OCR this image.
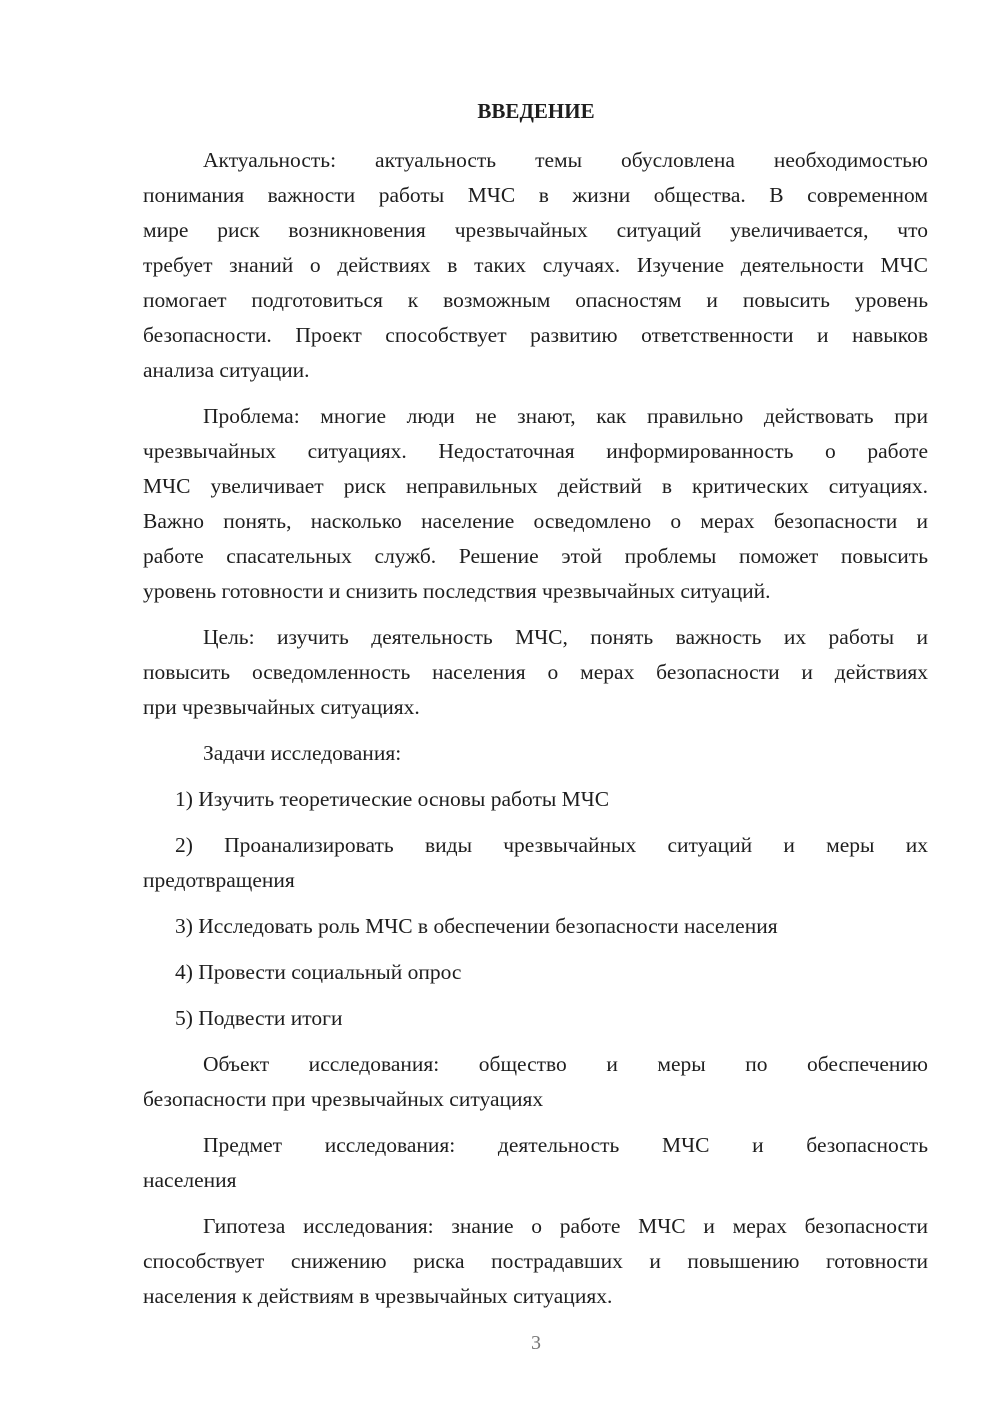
ВВЕДЕНИЕ
Актуальность: актуальность темы обусловлена необходимостью
понимания важности работы МЧС в жизни общества. В современном
мире риск возникновения чрезвычайных ситуаций увеличивается, что
требует знаний о действиях в таких случаях. Изучение деятельности МЧС
помогает подготовиться к возможным опасностям и повысить уровень
безопасности. Проект способствует развитию ответственности и навыков
анализа ситуации.
Проблема: многие люди не знают, как правильно действовать при
чрезвычайных ситуациях. Недостаточная информированность о работе
МЧС увеличивает риск неправильных действий в критических ситуациях.
Важно понять, насколько население осведомлено о мерах безопасности и
работе спасательных служб. Решение этой проблемы поможет повысить
уровень готовности и снизить последствия чрезвычайных ситуаций.
Цель: изучить деятельность МЧС, понять важность их работы и
повысить осведомленность населения о мерах безопасности и действиях
при чрезвычайных ситуациях.
Задачи исследования:
1) Изучить теоретические основы работы МЧС
2) Проанализировать виды чрезвычайных ситуаций и меры их
предотвращения
3) Исследовать роль МЧС в обеспечении безопасности населения
4) Провести социальный опрос
5) Подвести итоги
Объект исследования: общество и меры по обеспечению
безопасности при чрезвычайных ситуациях
Предмет исследования: деятельность МЧС и безопасность
населения
Гипотеза исследования: знание о работе МЧС и мерах безопасности
способствует снижению риска пострадавших и повышению готовности
населения к действиям в чрезвычайных ситуациях.
3
